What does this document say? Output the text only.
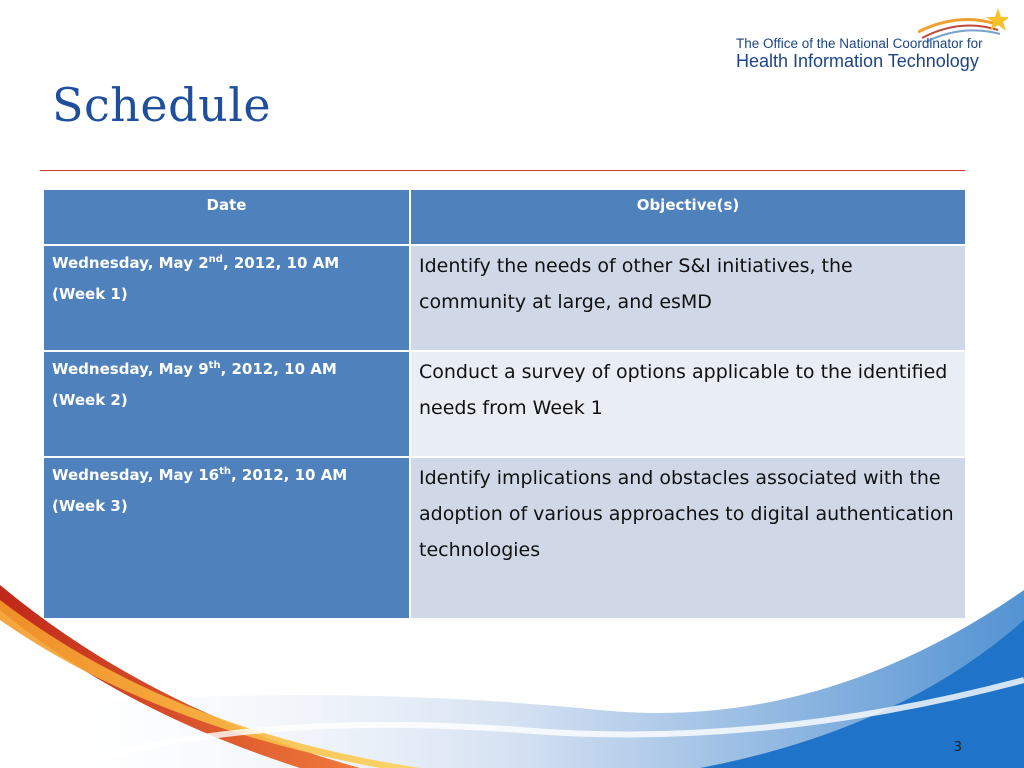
The Office of the National Coordinator for
Health Information Technology
Schedule
Date	Objective(s)
Wednesday, May 2nd, 2012, 10 AM
(Week 1)	Identify the needs of other S&I initiatives, the community at large, and esMD
Wednesday, May 9th, 2012, 10 AM
(Week 2)	Conduct a survey of options applicable to the identified needs from Week 1
Wednesday, May 16th, 2012, 10 AM
(Week 3)	Identify implications and obstacles associated with the adoption of various approaches to digital authentication technologies
3
